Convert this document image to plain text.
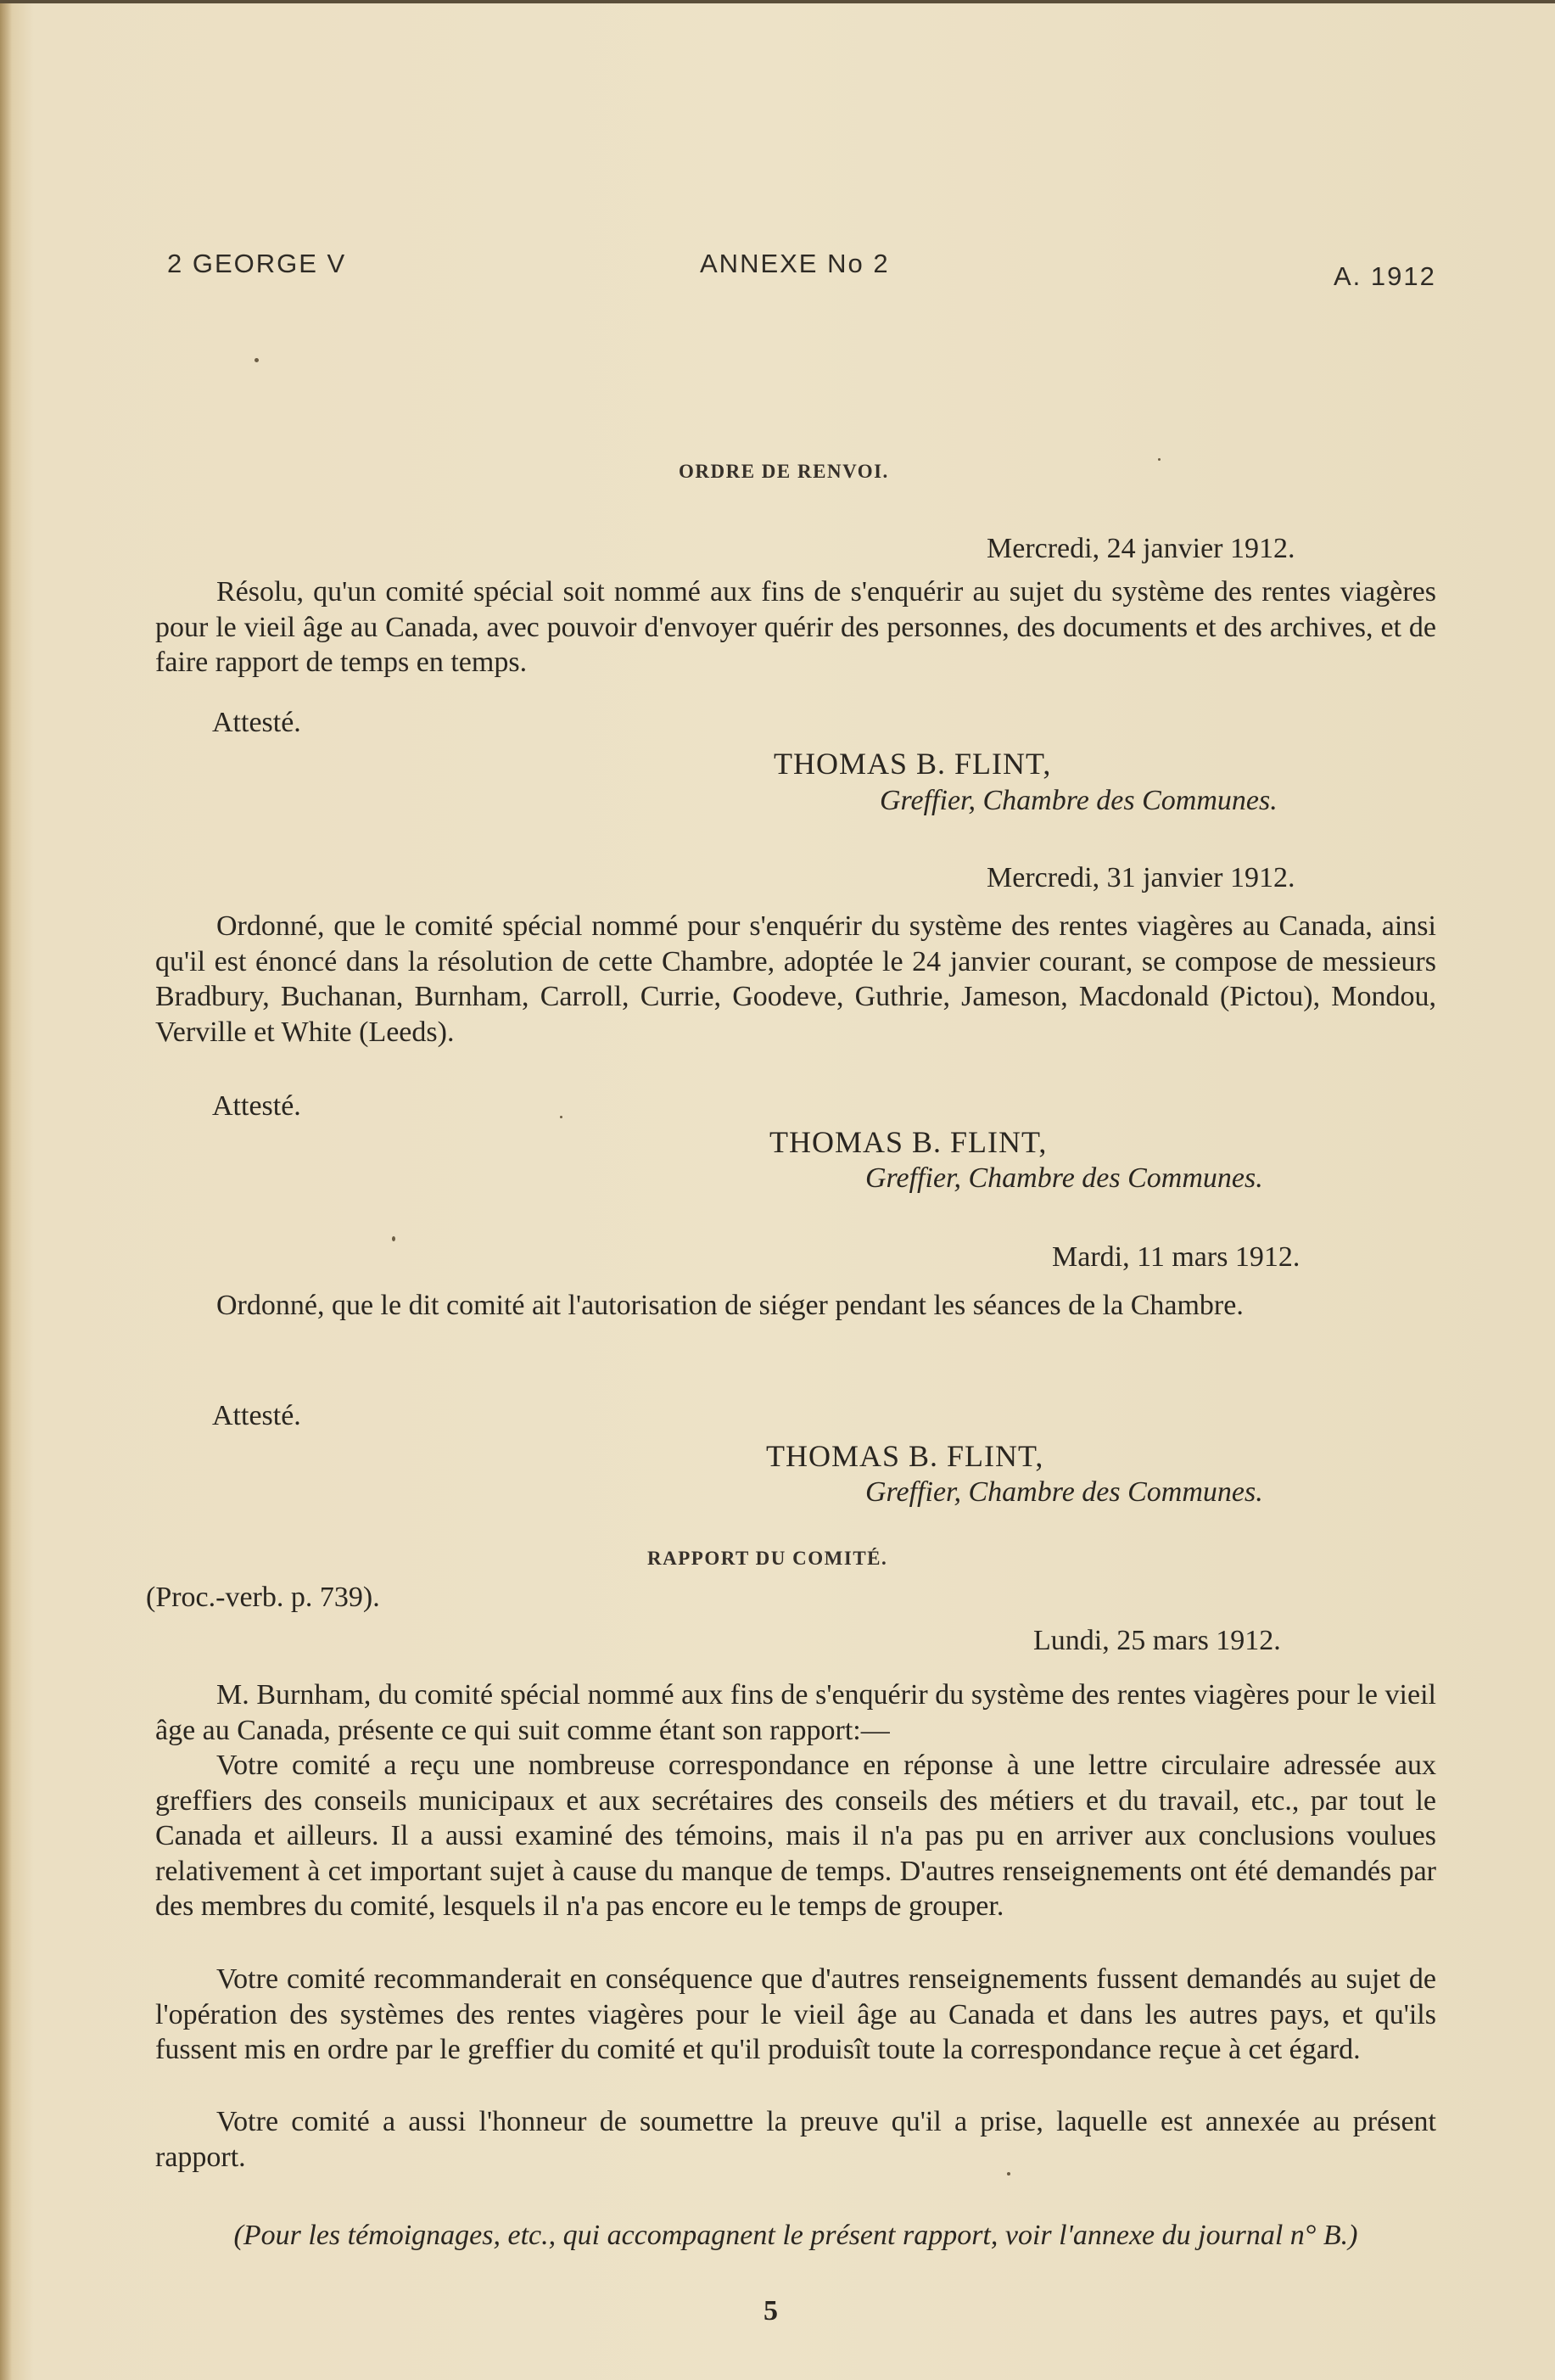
2 GEORGE V	ANNEXE No 2	A. 1912
ORDRE DE RENVOI.
Mercredi, 24 janvier 1912.
Résolu, qu'un comité spécial soit nommé aux fins de s'enquérir au sujet du système des rentes viagères pour le vieil âge au Canada, avec pouvoir d'envoyer quérir des personnes, des documents et des archives, et de faire rapport de temps en temps.
Attesté.
THOMAS B. FLINT,
Greffier, Chambre des Communes.
Mercredi, 31 janvier 1912.
Ordonné, que le comité spécial nommé pour s'enquérir du système des rentes viagères au Canada, ainsi qu'il est énoncé dans la résolution de cette Chambre, adoptée le 24 janvier courant, se compose de messieurs Bradbury, Buchanan, Burnham, Carroll, Currie, Goodeve, Guthrie, Jameson, Macdonald (Pictou), Mondou, Verville et White (Leeds).
Attesté.
THOMAS B. FLINT,
Greffier, Chambre des Communes.
Mardi, 11 mars 1912.
Ordonné, que le dit comité ait l'autorisation de siéger pendant les séances de la Chambre.
Attesté.
THOMAS B. FLINT,
Greffier, Chambre des Communes.
RAPPORT DU COMITÉ.
(Proc.-verb. p. 739).
Lundi, 25 mars 1912.
M. Burnham, du comité spécial nommé aux fins de s'enquérir du système des rentes viagères pour le vieil âge au Canada, présente ce qui suit comme étant son rapport:—
Votre comité a reçu une nombreuse correspondance en réponse à une lettre circulaire adressée aux greffiers des conseils municipaux et aux secrétaires des conseils des métiers et du travail, etc., par tout le Canada et ailleurs. Il a aussi examiné des témoins, mais il n'a pas pu en arriver aux conclusions voulues relativement à cet important sujet à cause du manque de temps. D'autres renseignements ont été demandés par des membres du comité, lesquels il n'a pas encore eu le temps de grouper.
Votre comité recommanderait en conséquence que d'autres renseignements fussent demandés au sujet de l'opération des systèmes des rentes viagères pour le vieil âge au Canada et dans les autres pays, et qu'ils fussent mis en ordre par le greffier du comité et qu'il produisît toute la correspondance reçue à cet égard.
Votre comité a aussi l'honneur de soumettre la preuve qu'il a prise, laquelle est annexée au présent rapport.
(Pour les témoignages, etc., qui accompagnent le présent rapport, voir l'annexe du journal n° B.)
5
